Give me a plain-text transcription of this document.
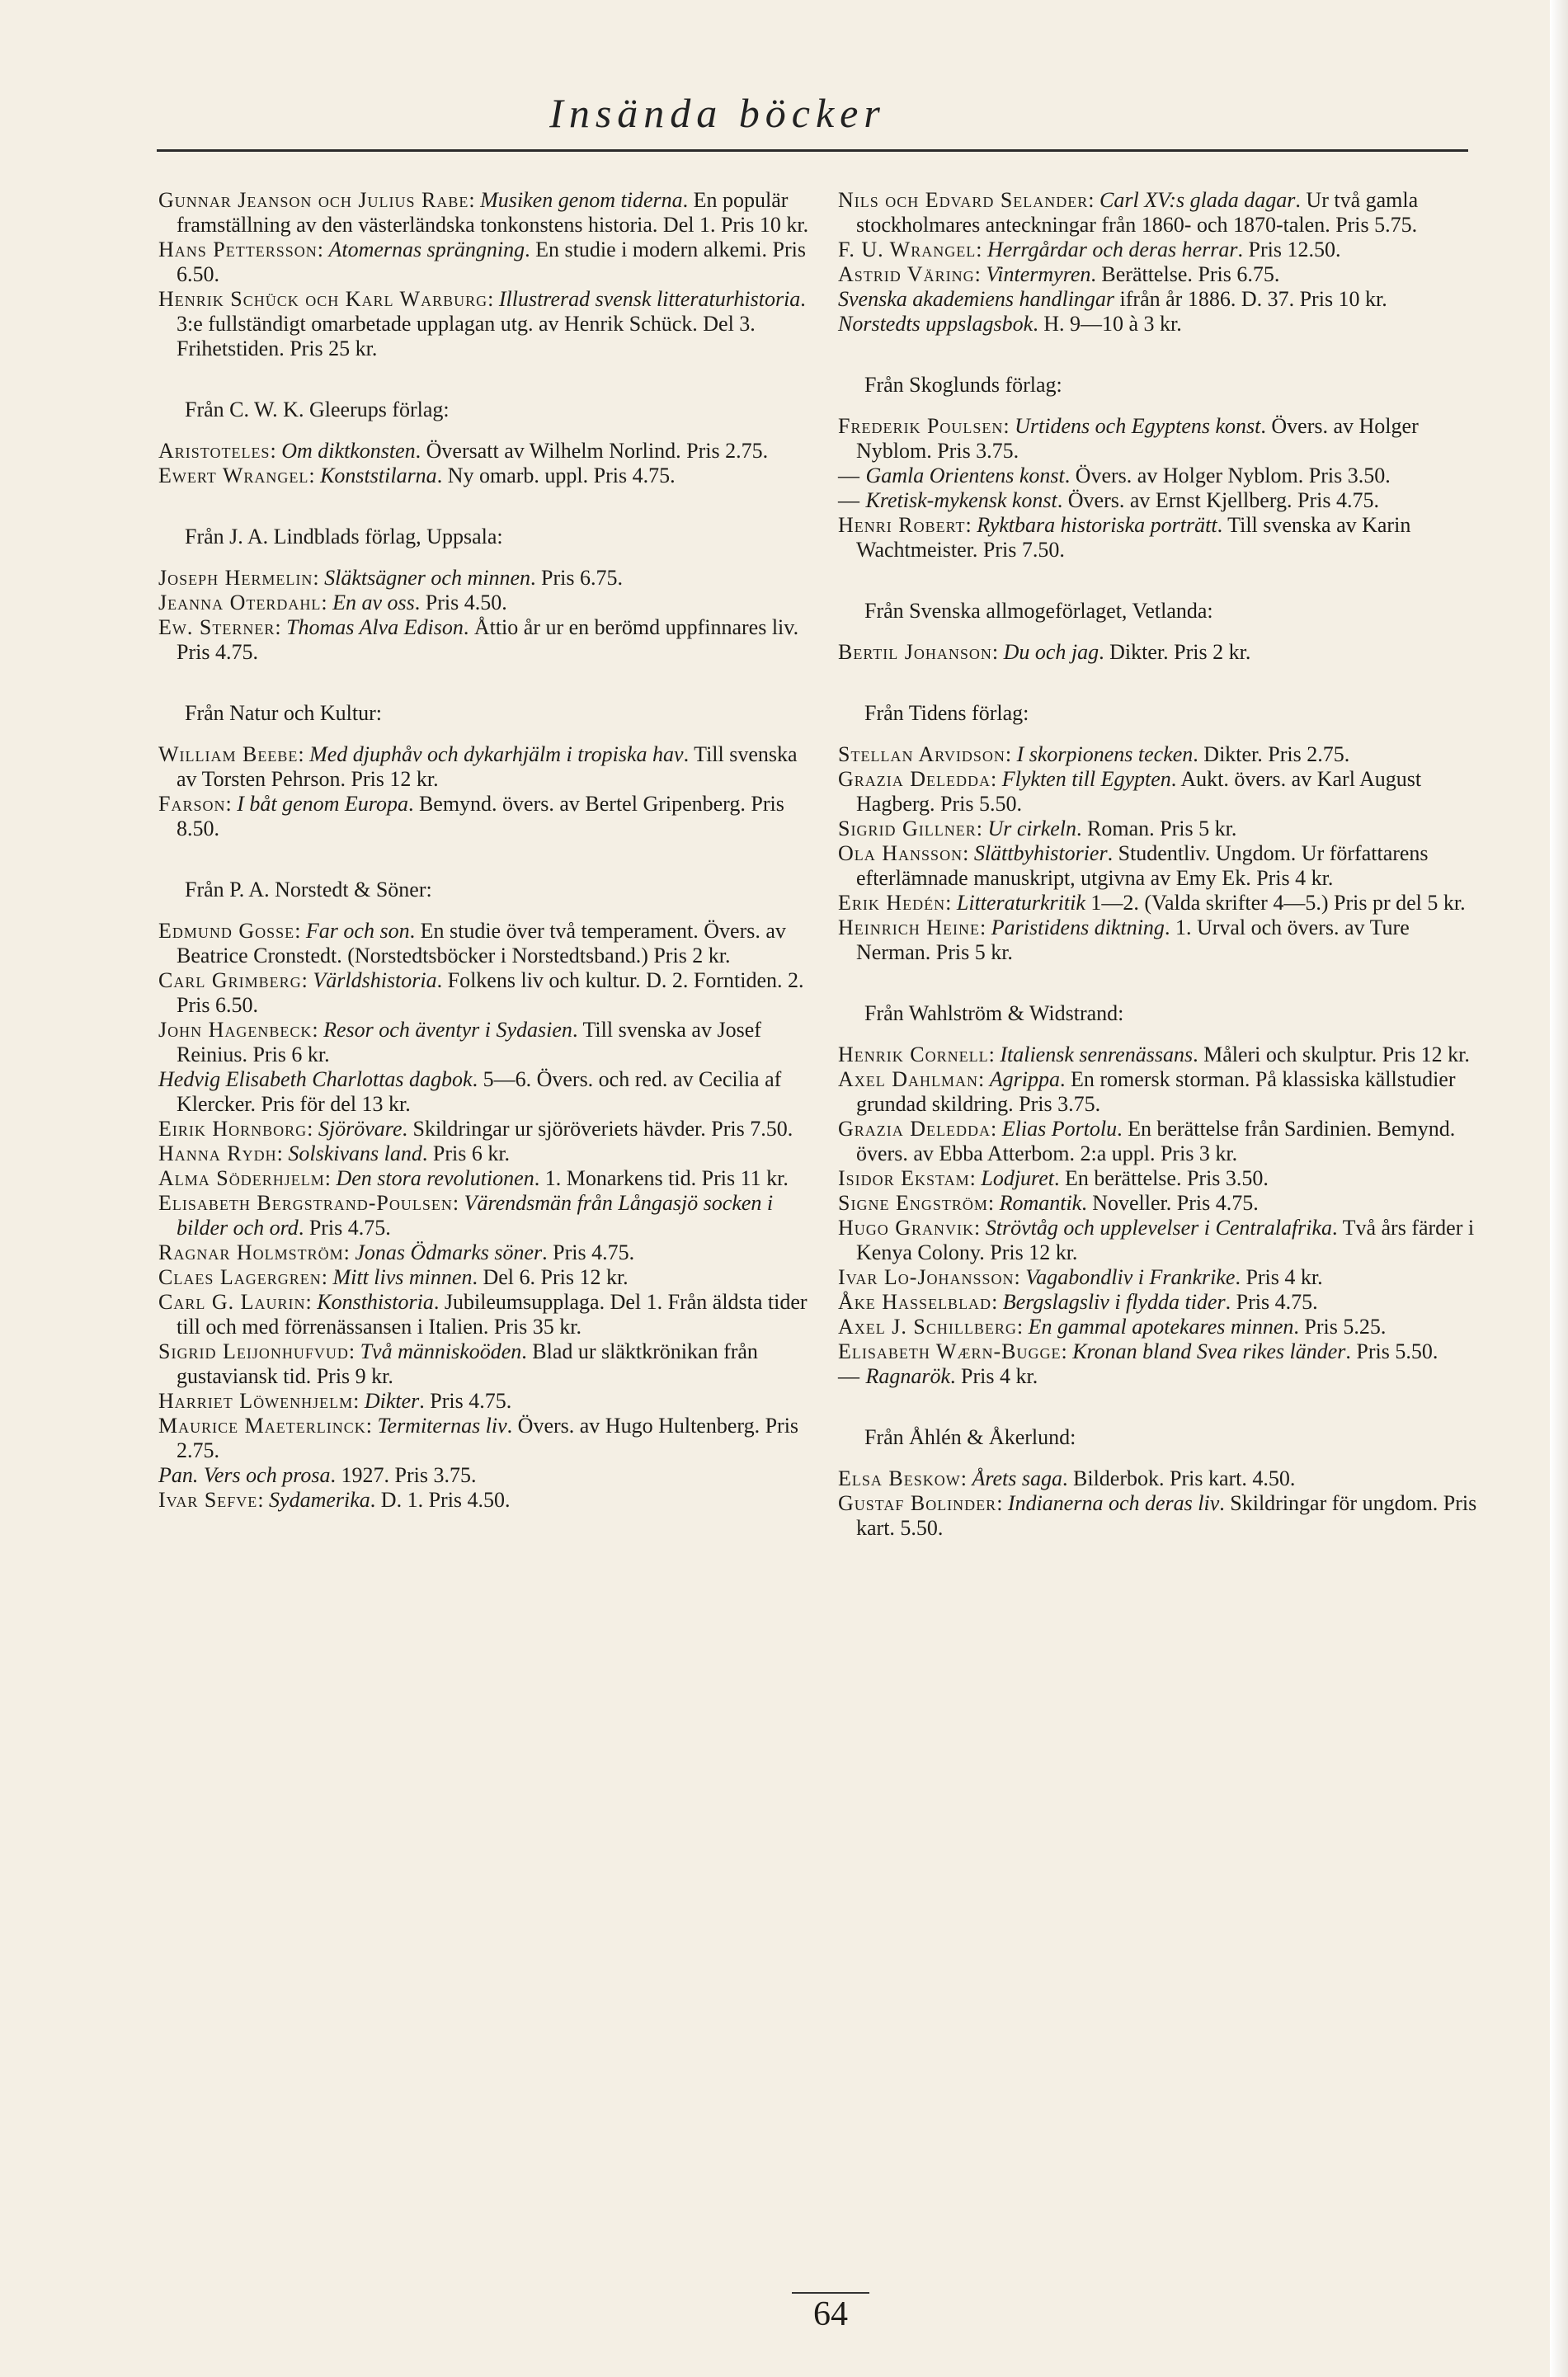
Insända böcker

Gunnar Jeanson och Julius Rabe: Musiken genom tiderna. En populär framställning av den västerländska tonkonstens historia. Del 1. Pris 10 kr.

Hans Pettersson: Atomernas sprängning. En studie i modern alkemi. Pris 6.50.

Henrik Schück och Karl Warburg: Illustrerad svensk litteraturhistoria. 3:e fullständigt omarbetade upplagan utg. av Henrik Schück. Del 3. Frihetstiden. Pris 25 kr.

Från C. W. K. Gleerups förlag:

Aristoteles: Om diktkonsten. Översatt av Wilhelm Norlind. Pris 2.75.

Ewert Wrangel: Konststilarna. Ny omarb. uppl. Pris 4.75.

Från J. A. Lindblads förlag, Uppsala:

Joseph Hermelin: Släktsägner och minnen. Pris 6.75.

Jeanna Oterdahl: En av oss. Pris 4.50.

Ew. Sterner: Thomas Alva Edison. Åttio år ur en berömd uppfinnares liv. Pris 4.75.

Från Natur och Kultur:

William Beebe: Med djuphåv och dykarhjälm i tropiska hav. Till svenska av Torsten Pehrson. Pris 12 kr.

Farson: I båt genom Europa. Bemynd. övers. av Bertel Gripenberg. Pris 8.50.

Från P. A. Norstedt & Söner:

Edmund Gosse: Far och son. En studie över två temperament. Övers. av Beatrice Cronstedt. (Norstedtsböcker i Norstedtsband.) Pris 2 kr.

Carl Grimberg: Världshistoria. Folkens liv och kultur. D. 2. Forntiden. 2. Pris 6.50.

John Hagenbeck: Resor och äventyr i Sydasien. Till svenska av Josef Reinius. Pris 6 kr.

Hedvig Elisabeth Charlottas dagbok. 5—6. Övers. och red. av Cecilia af Klercker. Pris för del 13 kr.

Eirik Hornborg: Sjörövare. Skildringar ur sjöröveriets hävder. Pris 7.50.

Hanna Rydh: Solskivans land. Pris 6 kr.

Alma Söderhjelm: Den stora revolutionen. 1. Monarkens tid. Pris 11 kr.

Elisabeth Bergstrand-Poulsen: Värendsmän från Långasjö socken i bilder och ord. Pris 4.75.

Ragnar Holmström: Jonas Ödmarks söner. Pris 4.75.

Claes Lagergren: Mitt livs minnen. Del 6. Pris 12 kr.

Carl G. Laurin: Konsthistoria. Jubileumsupplaga. Del 1. Från äldsta tider till och med förrenässansen i Italien. Pris 35 kr.

Sigrid Leijonhufvud: Två människoöden. Blad ur släktkrönikan från gustaviansk tid. Pris 9 kr.

Harriet Löwenhjelm: Dikter. Pris 4.75.

Maurice Maeterlinck: Termiternas liv. Övers. av Hugo Hultenberg. Pris 2.75.

Pan. Vers och prosa. 1927. Pris 3.75.

Ivar Sefve: Sydamerika. D. 1. Pris 4.50.

Nils och Edvard Selander: Carl XV:s glada dagar. Ur två gamla stockholmares anteckningar från 1860- och 1870-talen. Pris 5.75.

F. U. Wrangel: Herrgårdar och deras herrar. Pris 12.50.

Astrid Väring: Vintermyren. Berättelse. Pris 6.75.

Svenska akademiens handlingar ifrån år 1886. D. 37. Pris 10 kr.

Norstedts uppslagsbok. H. 9—10 à 3 kr.

Från Skoglunds förlag:

Frederik Poulsen: Urtidens och Egyptens konst. Övers. av Holger Nyblom. Pris 3.75.

— Gamla Orientens konst. Övers. av Holger Nyblom. Pris 3.50.

— Kretisk-mykensk konst. Övers. av Ernst Kjellberg. Pris 4.75.

Henri Robert: Ryktbara historiska porträtt. Till svenska av Karin Wachtmeister. Pris 7.50.

Från Svenska allmogeförlaget, Vetlanda:

Bertil Johanson: Du och jag. Dikter. Pris 2 kr.

Från Tidens förlag:

Stellan Arvidson: I skorpionens tecken. Dikter. Pris 2.75.

Grazia Deledda: Flykten till Egypten. Aukt. övers. av Karl August Hagberg. Pris 5.50.

Sigrid Gillner: Ur cirkeln. Roman. Pris 5 kr.

Ola Hansson: Slättbyhistorier. Studentliv. Ungdom. Ur författarens efterlämnade manuskript, utgivna av Emy Ek. Pris 4 kr.

Erik Hedén: Litteraturkritik 1—2. (Valda skrifter 4—5.) Pris pr del 5 kr.

Heinrich Heine: Paristidens diktning. 1. Urval och övers. av Ture Nerman. Pris 5 kr.

Från Wahlström & Widstrand:

Henrik Cornell: Italiensk senrenässans. Måleri och skulptur. Pris 12 kr.

Axel Dahlman: Agrippa. En romersk storman. På klassiska källstudier grundad skildring. Pris 3.75.

Grazia Deledda: Elias Portolu. En berättelse från Sardinien. Bemynd. övers. av Ebba Atterbom. 2:a uppl. Pris 3 kr.

Isidor Ekstam: Lodjuret. En berättelse. Pris 3.50.

Signe Engström: Romantik. Noveller. Pris 4.75.

Hugo Granvik: Strövtåg och upplevelser i Centralafrika. Två års färder i Kenya Colony. Pris 12 kr.

Ivar Lo-Johansson: Vagabondliv i Frankrike. Pris 4 kr.

Åke Hasselblad: Bergslagsliv i flydda tider. Pris 4.75.

Axel J. Schillberg: En gammal apotekares minnen. Pris 5.25.

Elisabeth Wærn-Bugge: Kronan bland Svea rikes länder. Pris 5.50.

— Ragnarök. Pris 4 kr.

Från Åhlén & Åkerlund:

Elsa Beskow: Årets saga. Bilderbok. Pris kart. 4.50.

Gustaf Bolinder: Indianerna och deras liv. Skildringar för ungdom. Pris kart. 5.50.

64
